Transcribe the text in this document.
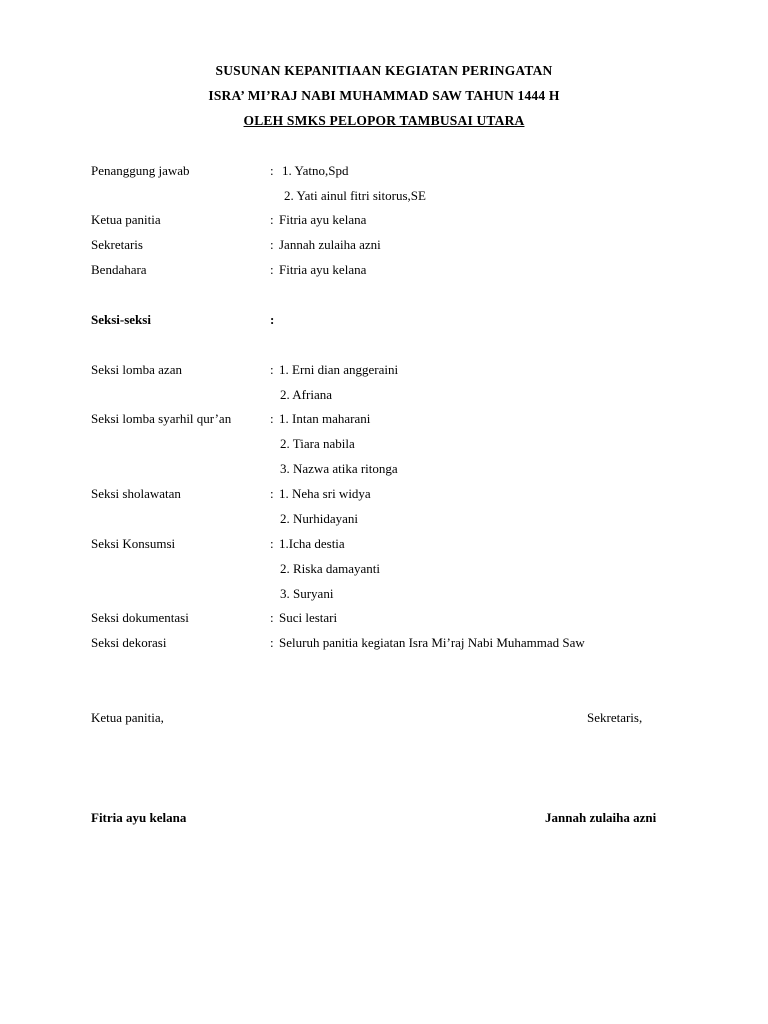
SUSUNAN KEPANITIAAN KEGIATAN PERINGATAN
ISRA’ MI’RAJ NABI MUHAMMAD SAW TAHUN 1444 H
OLEH SMKS PELOPOR TAMBUSAI UTARA
Penanggung jawab	: 1. Yatno,Spd
2. Yati ainul fitri sitorus,SE
Ketua panitia	: Fitria ayu kelana
Sekretaris	: Jannah zulaiha azni
Bendahara	: Fitria ayu kelana
Seksi-seksi	:
Seksi lomba azan	: 1. Erni dian anggeraini
2. Afriana
Seksi lomba syarhil qur’an	: 1. Intan maharani
2. Tiara nabila
3. Nazwa atika ritonga
Seksi sholawatan	: 1. Neha sri widya
2. Nurhidayani
Seksi Konsumsi	: 1.Icha destia
2. Riska damayanti
3. Suryani
Seksi dokumentasi	: Suci lestari
Seksi dekorasi	: Seluruh panitia kegiatan Isra Mi’raj Nabi Muhammad Saw
Ketua panitia,	Sekretaris,
Fitria ayu kelana	Jannah zulaiha azni
